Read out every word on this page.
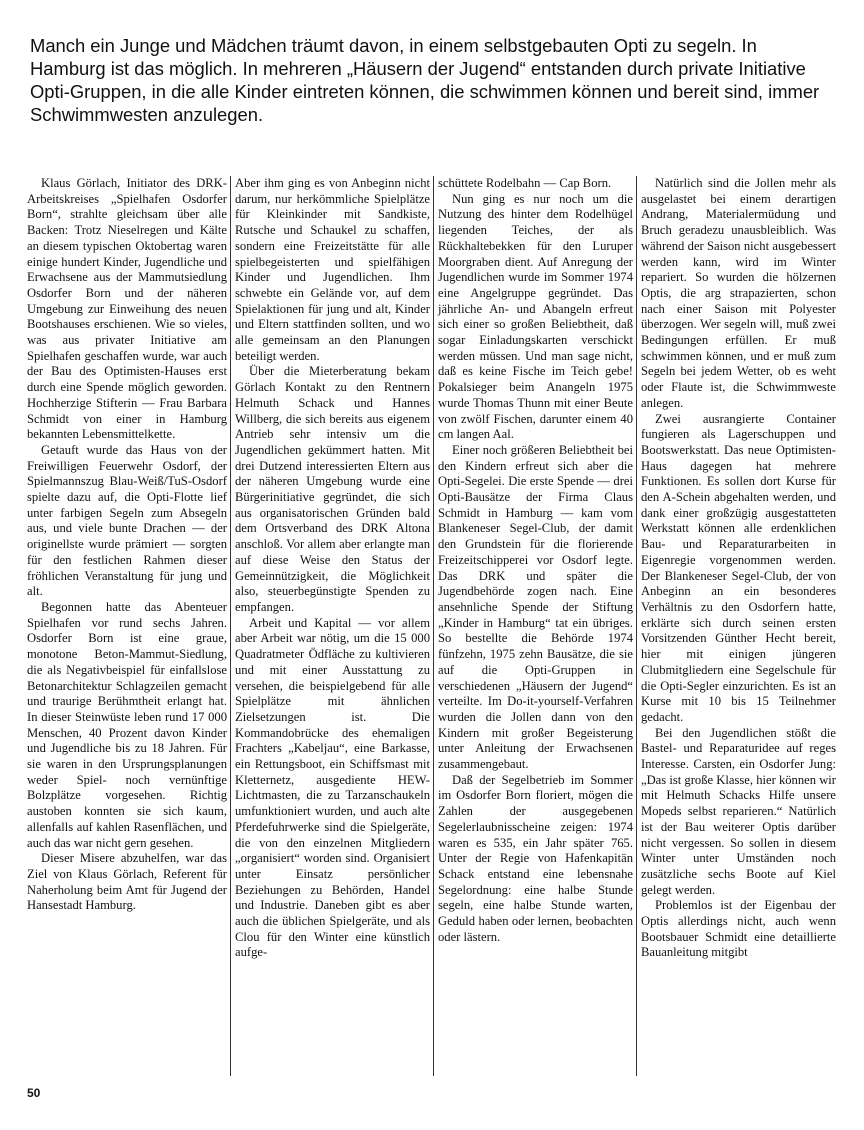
Manch ein Junge und Mädchen träumt davon, in einem selbstgebauten Opti zu segeln. In Hamburg ist das möglich. In mehreren „Häusern der Jugend“ entstanden durch private Initiative Opti-Gruppen, in die alle Kinder eintreten können, die schwimmen können und bereit sind, immer Schwimmwesten anzulegen.

Klaus Görlach, Initiator des DRK-Arbeitskreises „Spielhafen Osdorfer Born“, strahlte gleichsam über alle Backen: Trotz Nieselregen und Kälte an diesem typischen Oktobertag waren einige hundert Kinder, Jugendliche und Erwachsene aus der Mammutsiedlung Osdorfer Born und der näheren Umgebung zur Einweihung des neuen Bootshauses erschienen. Wie so vieles, was aus privater Initiative am Spielhafen geschaffen wurde, war auch der Bau des Optimisten-Hauses erst durch eine Spende möglich geworden. Hochherzige Stifterin — Frau Barbara Schmidt von einer in Hamburg bekannten Lebensmittelkette.

Getauft wurde das Haus von der Freiwilligen Feuerwehr Osdorf, der Spielmannszug Blau-Weiß/TuS-Osdorf spielte dazu auf, die Opti-Flotte lief unter farbigen Segeln zum Absegeln aus, und viele bunte Drachen — der originellste wurde prämiert — sorgten für den festlichen Rahmen dieser fröhlichen Veranstaltung für jung und alt.

Begonnen hatte das Abenteuer Spielhafen vor rund sechs Jahren. Osdorfer Born ist eine graue, monotone Beton-Mammut-Siedlung, die als Negativbeispiel für einfallslose Betonarchitektur Schlagzeilen gemacht und traurige Berühmtheit erlangt hat. In dieser Steinwüste leben rund 17 000 Menschen, 40 Prozent davon Kinder und Jugendliche bis zu 18 Jahren. Für sie waren in den Ursprungsplanungen weder Spiel- noch vernünftige Bolzplätze vorgesehen. Richtig austoben konnten sie sich kaum, allenfalls auf kahlen Rasenflächen, und auch das war nicht gern gesehen.

Dieser Misere abzuhelfen, war das Ziel von Klaus Görlach, Referent für Naherholung beim Amt für Jugend der Hansestadt Hamburg.

Aber ihm ging es von Anbeginn nicht darum, nur herkömmliche Spielplätze für Kleinkinder mit Sandkiste, Rutsche und Schaukel zu schaffen, sondern eine Freizeitstätte für alle spielbegeisterten und spielfähigen Kinder und Jugendlichen. Ihm schwebte ein Gelände vor, auf dem Spielaktionen für jung und alt, Kinder und Eltern stattfinden sollten, und wo alle gemeinsam an den Planungen beteiligt werden.

Über die Mieterberatung bekam Görlach Kontakt zu den Rentnern Helmuth Schack und Hannes Willberg, die sich bereits aus eigenem Antrieb sehr intensiv um die Jugendlichen gekümmert hatten. Mit drei Dutzend interessierten Eltern aus der näheren Umgebung wurde eine Bürgerinitiative gegründet, die sich aus organisatorischen Gründen bald dem Ortsverband des DRK Altona anschloß. Vor allem aber erlangte man auf diese Weise den Status der Gemeinnützigkeit, die Möglichkeit also, steuerbegünstigte Spenden zu empfangen.

Arbeit und Kapital — vor allem aber Arbeit war nötig, um die 15 000 Quadratmeter Ödfläche zu kultivieren und mit einer Ausstattung zu versehen, die beispielgebend für alle Spielplätze mit ähnlichen Zielsetzungen ist. Die Kommandobrücke des ehemaligen Frachters „Kabeljau“, eine Barkasse, ein Rettungsboot, ein Schiffsmast mit Kletternetz, ausgediente HEW-Lichtmasten, die zu Tarzanschaukeln umfunktioniert wurden, und auch alte Pferdefuhrwerke sind die Spielgeräte, die von den einzelnen Mitgliedern „organisiert“ worden sind. Organisiert unter Einsatz persönlicher Beziehungen zu Behörden, Handel und Industrie. Daneben gibt es aber auch die üblichen Spielgeräte, und als Clou für den Winter eine künstlich aufge-

schüttete Rodelbahn — Cap Born.

Nun ging es nur noch um die Nutzung des hinter dem Rodelhügel liegenden Teiches, der als Rückhaltebekken für den Luruper Moorgraben dient. Auf Anregung der Jugendlichen wurde im Sommer 1974 eine Angelgruppe gegründet. Das jährliche An- und Abangeln erfreut sich einer so großen Beliebtheit, daß sogar Einladungskarten verschickt werden müssen. Und man sage nicht, daß es keine Fische im Teich gebe! Pokalsieger beim Anangeln 1975 wurde Thomas Thunn mit einer Beute von zwölf Fischen, darunter einem 40 cm langen Aal.

Einer noch größeren Beliebtheit bei den Kindern erfreut sich aber die Opti-Segelei. Die erste Spende — drei Opti-Bausätze der Firma Claus Schmidt in Hamburg — kam vom Blankeneser Segel-Club, der damit den Grundstein für die florierende Freizeitschipperei vor Osdorf legte. Das DRK und später die Jugendbehörde zogen nach. Eine ansehnliche Spende der Stiftung „Kinder in Hamburg“ tat ein übriges. So bestellte die Behörde 1974 fünfzehn, 1975 zehn Bausätze, die sie auf die Opti-Gruppen in verschiedenen „Häusern der Jugend“ verteilte. Im Do-it-yourself-Verfahren wurden die Jollen dann von den Kindern mit großer Begeisterung unter Anleitung der Erwachsenen zusammengebaut.

Daß der Segelbetrieb im Sommer im Osdorfer Born floriert, mögen die Zahlen der ausgegebenen Segelerlaubnisscheine zeigen: 1974 waren es 535, ein Jahr später 765. Unter der Regie von Hafenkapitän Schack entstand eine lebensnahe Segelordnung: eine halbe Stunde segeln, eine halbe Stunde warten, Geduld haben oder lernen, beobachten oder lästern.

Natürlich sind die Jollen mehr als ausgelastet bei einem derartigen Andrang, Materialermüdung und Bruch geradezu unausbleiblich. Was während der Saison nicht ausgebessert werden kann, wird im Winter repariert. So wurden die hölzernen Optis, die arg strapazierten, schon nach einer Saison mit Polyester überzogen. Wer segeln will, muß zwei Bedingungen erfüllen. Er muß schwimmen können, und er muß zum Segeln bei jedem Wetter, ob es weht oder Flaute ist, die Schwimmweste anlegen.

Zwei ausrangierte Container fungieren als Lagerschuppen und Bootswerkstatt. Das neue Optimisten-Haus dagegen hat mehrere Funktionen. Es sollen dort Kurse für den A-Schein abgehalten werden, und dank einer großzügig ausgestatteten Werkstatt können alle erdenklichen Bau- und Reparaturarbeiten in Eigenregie vorgenommen werden. Der Blankeneser Segel-Club, der von Anbeginn an ein besonderes Verhältnis zu den Osdorfern hatte, erklärte sich durch seinen ersten Vorsitzenden Günther Hecht bereit, hier mit einigen jüngeren Clubmitgliedern eine Segelschule für die Opti-Segler einzurichten. Es ist an Kurse mit 10 bis 15 Teilnehmer gedacht.

Bei den Jugendlichen stößt die Bastel- und Reparaturidee auf reges Interesse. Carsten, ein Osdorfer Jung: „Das ist große Klasse, hier können wir mit Helmuth Schacks Hilfe unsere Mopeds selbst reparieren.“ Natürlich ist der Bau weiterer Optis darüber nicht vergessen. So sollen in diesem Winter unter Umständen noch zusätzliche sechs Boote auf Kiel gelegt werden.

Problemlos ist der Eigenbau der Optis allerdings nicht, auch wenn Bootsbauer Schmidt eine detaillierte Bauanleitung mitgibt

50
